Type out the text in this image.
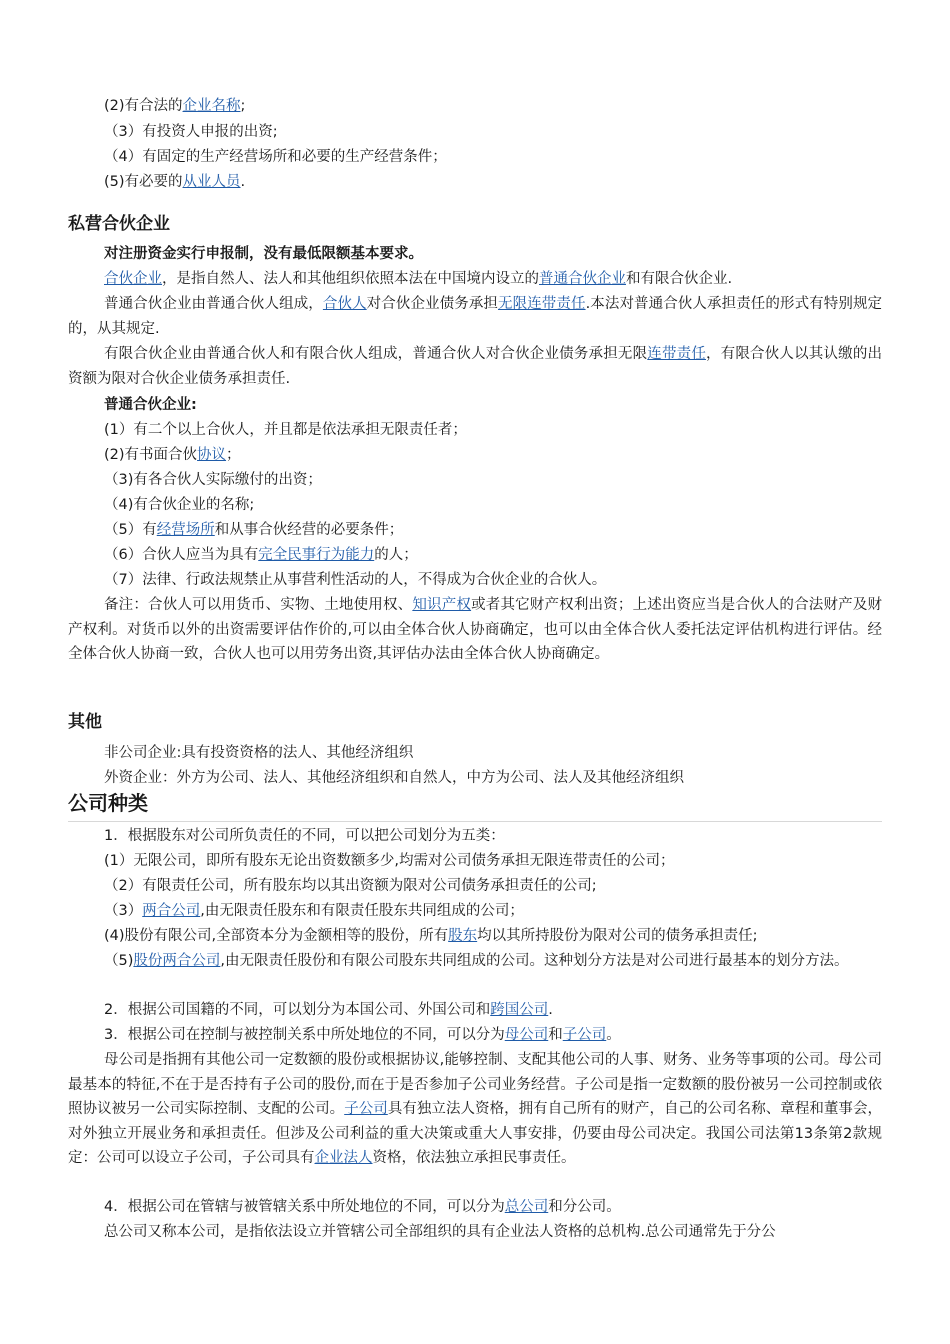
(2)有合法的企业名称;
（3）有投资人申报的出资;
（4）有固定的生产经营场所和必要的生产经营条件；
(5)有必要的从业人员.
私营合伙企业
对注册资金实行申报制，没有最低限额基本要求。
合伙企业，是指自然人、法人和其他组织依照本法在中国境内设立的普通合伙企业和有限合伙企业.
普通合伙企业由普通合伙人组成，合伙人对合伙企业债务承担无限连带责任.本法对普通合伙人承担责任的形式有特别规定的，从其规定.
有限合伙企业由普通合伙人和有限合伙人组成，普通合伙人对合伙企业债务承担无限连带责任，有限合伙人以其认缴的出资额为限对合伙企业债务承担责任.
普通合伙企业:
(1）有二个以上合伙人，并且都是依法承担无限责任者；
(2)有书面合伙协议；
（3)有各合伙人实际缴付的出资；
（4)有合伙企业的名称;
（5）有经营场所和从事合伙经营的必要条件；
（6）合伙人应当为具有完全民事行为能力的人；
（7）法律、行政法规禁止从事营利性活动的人，不得成为合伙企业的合伙人。
备注：合伙人可以用货币、实物、土地使用权、知识产权或者其它财产权利出资；上述出资应当是合伙人的合法财产及财产权利。对货币以外的出资需要评估作价的,可以由全体合伙人协商确定，也可以由全体合伙人委托法定评估机构进行评估。经全体合伙人协商一致，合伙人也可以用劳务出资,其评估办法由全体合伙人协商确定。
其他
非公司企业:具有投资资格的法人、其他经济组织
外资企业：外方为公司、法人、其他经济组织和自然人，中方为公司、法人及其他经济组织
公司种类
1．根据股东对公司所负责任的不同，可以把公司划分为五类：
(1）无限公司，即所有股东无论出资数额多少,均需对公司债务承担无限连带责任的公司；
（2）有限责任公司，所有股东均以其出资额为限对公司债务承担责任的公司;
（3）两合公司,由无限责任股东和有限责任股东共同组成的公司；
(4)股份有限公司,全部资本分为金额相等的股份，所有股东均以其所持股份为限对公司的债务承担责任;
（5)股份两合公司,由无限责任股份和有限公司股东共同组成的公司。这种划分方法是对公司进行最基本的划分方法。
2．根据公司国籍的不同，可以划分为本国公司、外国公司和跨国公司.
3．根据公司在控制与被控制关系中所处地位的不同，可以分为母公司和子公司。
母公司是指拥有其他公司一定数额的股份或根据协议,能够控制、支配其他公司的人事、财务、业务等事项的公司。母公司最基本的特征,不在于是否持有子公司的股份,而在于是否参加子公司业务经营。子公司是指一定数额的股份被另一公司控制或依照协议被另一公司实际控制、支配的公司。子公司具有独立法人资格，拥有自己所有的财产，自己的公司名称、章程和董事会，对外独立开展业务和承担责任。但涉及公司利益的重大决策或重大人事安排，仍要由母公司决定。我国公司法第13条第2款规定：公司可以设立子公司，子公司具有企业法人资格，依法独立承担民事责任。
4．根据公司在管辖与被管辖关系中所处地位的不同，可以分为总公司和分公司。
总公司又称本公司，是指依法设立并管辖公司全部组织的具有企业法人资格的总机构.总公司通常先于分公
